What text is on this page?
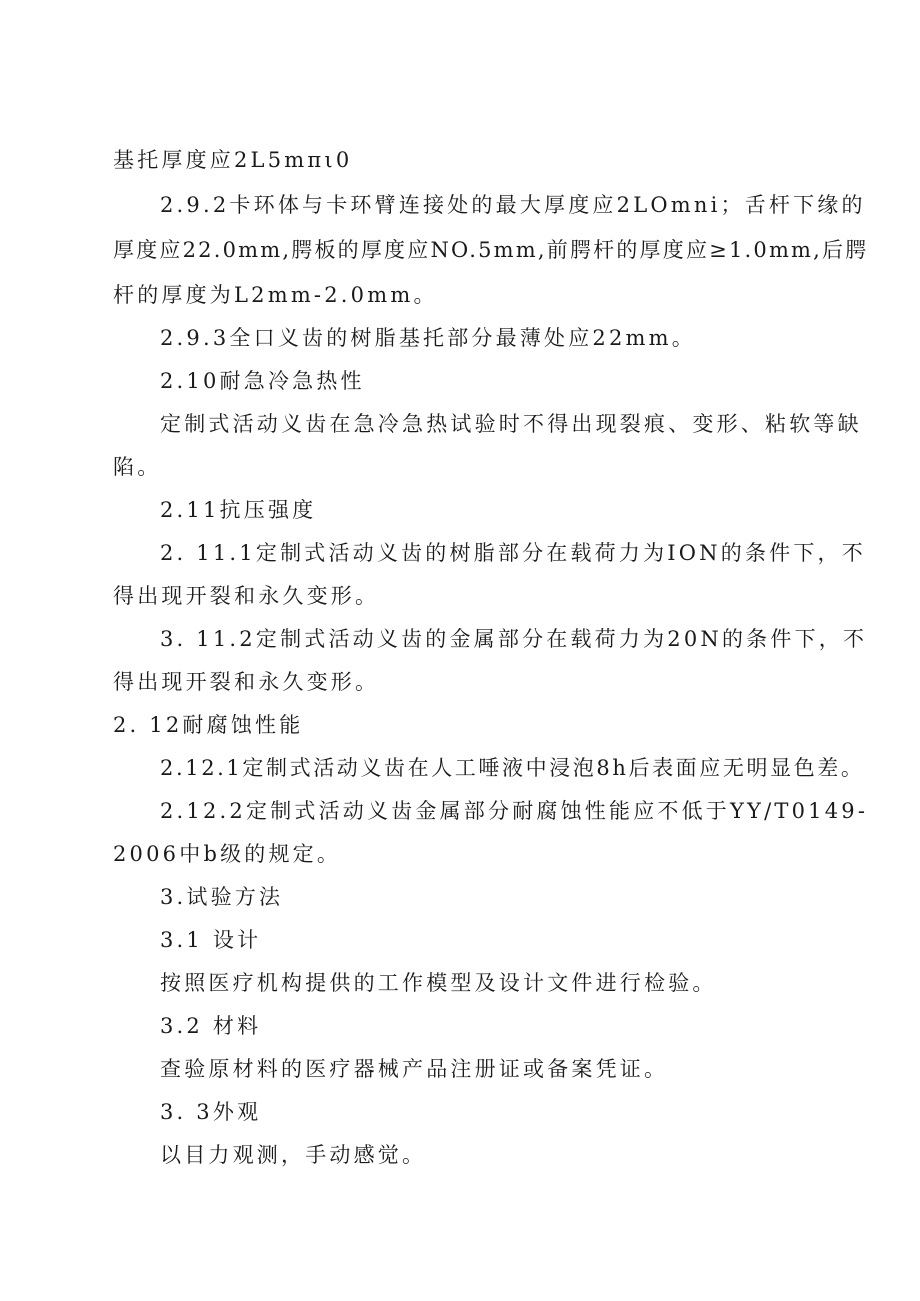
基托厚度应2L5mπι0
2.9.2卡环体与卡环臂连接处的最大厚度应2LOmni；舌杆下缘的
厚度应22.0mm,腭板的厚度应NO.5mm,前腭杆的厚度应≥1.0mm,后腭
杆的厚度为L2mm-2.0mm。
2.9.3全口义齿的树脂基托部分最薄处应22mm。
2.10耐急冷急热性
定制式活动义齿在急冷急热试验时不得出现裂痕、变形、粘软等缺
陷。
2.11抗压强度
2. 11.1定制式活动义齿的树脂部分在载荷力为ION的条件下，不
得出现开裂和永久变形。
3. 11.2定制式活动义齿的金属部分在载荷力为20N的条件下，不
得出现开裂和永久变形。
2. 12耐腐蚀性能
2.12.1定制式活动义齿在人工唾液中浸泡8h后表面应无明显色差。
2.12.2定制式活动义齿金属部分耐腐蚀性能应不低于YY/T0149-
2006中b级的规定。
3.试验方法
3.1 设计
按照医疗机构提供的工作模型及设计文件进行检验。
3.2 材料
查验原材料的医疗器械产品注册证或备案凭证。
3. 3外观
以目力观测，手动感觉。
